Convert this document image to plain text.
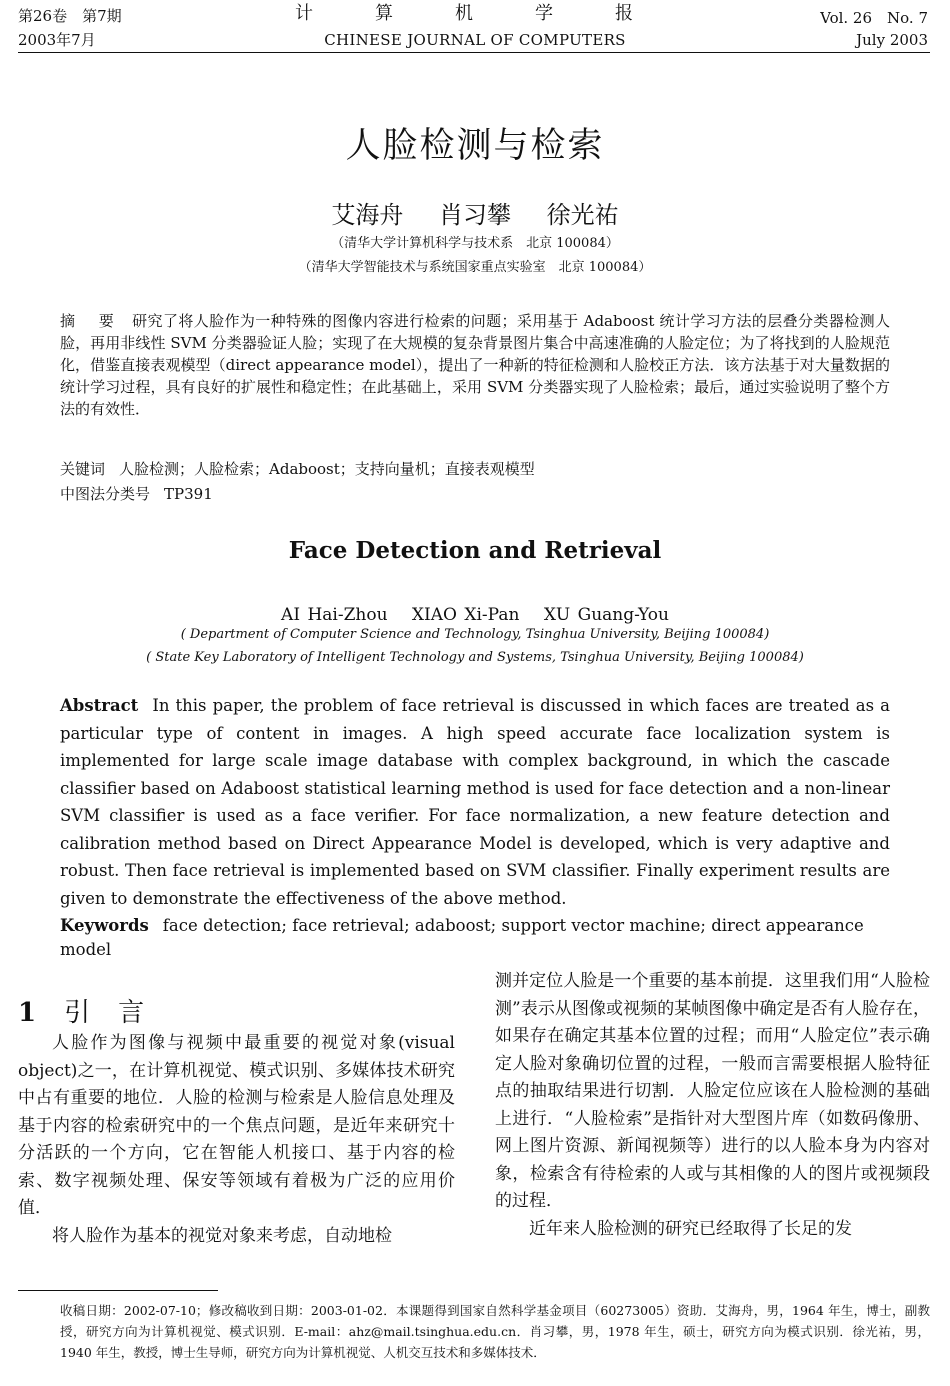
第26卷　第7期
2003年7月
计　算　机　学　报
CHINESE JOURNAL OF COMPUTERS
Vol. 26　No. 7
July 2003
人脸检测与检索
艾海舟 肖习攀 徐光祐
（清华大学计算机科学与技术系　北京 100084）
（清华大学智能技术与系统国家重点实验室　北京 100084）
摘　要 研究了将人脸作为一种特殊的图像内容进行检索的问题；采用基于 Adaboost 统计学习方法的层叠分类器检测人脸，再用非线性 SVM 分类器验证人脸；实现了在大规模的复杂背景图片集合中高速准确的人脸定位；为了将找到的人脸规范化，借鉴直接表观模型（direct appearance model），提出了一种新的特征检测和人脸校正方法．该方法基于对大量数据的统计学习过程，具有良好的扩展性和稳定性；在此基础上，采用 SVM 分类器实现了人脸检索；最后，通过实验说明了整个方法的有效性．
关键词 人脸检测；人脸检索；Adaboost；支持向量机；直接表观模型
中图法分类号 TP391
Face Detection and Retrieval
AI Hai-Zhou　 XIAO Xi-Pan　 XU Guang-You
( Department of Computer Science and Technology, Tsinghua University, Beijing 100084)
( State Key Laboratory of Intelligent Technology and Systems, Tsinghua University, Beijing 100084)
Abstract In this paper, the problem of face retrieval is discussed in which faces are treated as a particular type of content in images. A high speed accurate face localization system is implemented for large scale image database with complex background, in which the cascade classifier based on Adaboost statistical learning method is used for face detection and a non-linear SVM classifier is used as a face verifier. For face normalization, a new feature detection and calibration method based on Direct Appearance Model is developed, which is very adaptive and robust. Then face retrieval is implemented based on SVM classifier. Finally experiment results are given to demonstrate the effectiveness of the above method.
Keywords face detection; face retrieval; adaboost; support vector machine; direct appearance model
1 引言

人脸作为图像与视频中最重要的视觉对象(visual object)之一，在计算机视觉、模式识别、多媒体技术研究中占有重要的地位．人脸的检测与检索是人脸信息处理及基于内容的检索研究中的一个焦点问题，是近年来研究十分活跃的一个方向，它在智能人机接口、基于内容的检索、数字视频处理、保安等领域有着极为广泛的应用价值．

将人脸作为基本的视觉对象来考虑，自动地检

测并定位人脸是一个重要的基本前提．这里我们用“人脸检测”表示从图像或视频的某帧图像中确定是否有人脸存在，如果存在确定其基本位置的过程；而用“人脸定位”表示确定人脸对象确切位置的过程，一般而言需要根据人脸特征点的抽取结果进行切割．人脸定位应该在人脸检测的基础上进行．“人脸检索”是指针对大型图片库（如数码像册、网上图片资源、新闻视频等）进行的以人脸本身为内容对象，检索含有待检索的人或与其相像的人的图片或视频段的过程．

近年来人脸检测的研究已经取得了长足的发

收稿日期：2002-07-10；修改稿收到日期：2003-01-02．本课题得到国家自然科学基金项目（60273005）资助．艾海舟，男，1964 年生，博士，副教授，研究方向为计算机视觉、模式识别．E-mail：ahz@mail.tsinghua.edu.cn．肖习攀，男，1978 年生，硕士，研究方向为模式识别．徐光祐，男，1940 年生，教授，博士生导师，研究方向为计算机视觉、人机交互技术和多媒体技术．
